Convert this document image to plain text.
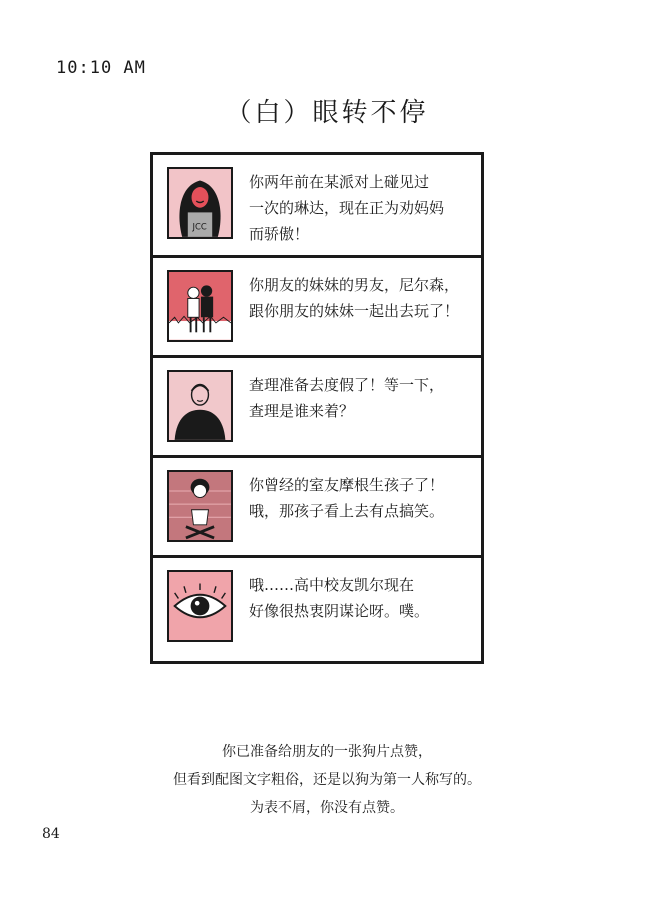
10:10 AM
（白）眼转不停
JCC
你两年前在某派对上碰见过
一次的琳达，现在正为劝妈妈
而骄傲！
你朋友的妹妹的男友，尼尔森，
跟你朋友的妹妹一起出去玩了！
查理准备去度假了！等一下，
查理是谁来着？
你曾经的室友摩根生孩子了！
哦，那孩子看上去有点搞笑。
哦……高中校友凯尔现在
好像很热衷阴谋论呀。噗。
你已准备给朋友的一张狗片点赞，
但看到配图文字粗俗，还是以狗为第一人称写的。
为表不屑，你没有点赞。
84
